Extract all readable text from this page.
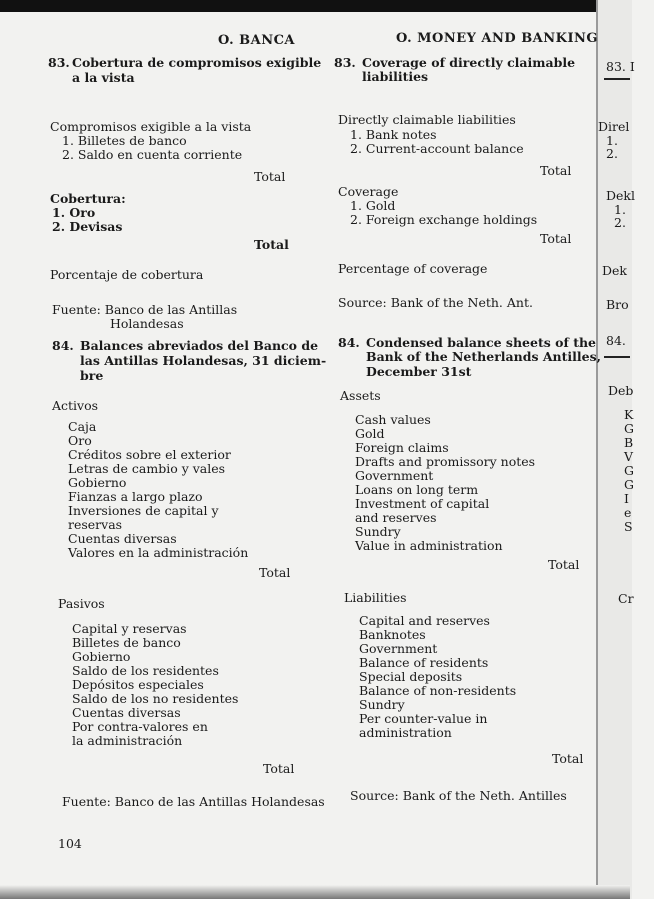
O. BANCA
83. Cobertura de compromisos exigible
a la vista
Compromisos exigible a la vista
1. Billetes de banco
2. Saldo en cuenta corriente
Total
Cobertura:
1. Oro
2. Devisas
Total
Porcentaje de cobertura
Fuente: Banco de las Antillas
Holandesas
84. Balances abreviados del Banco de
las Antillas Holandesas, 31 diciem-
bre
Activos
Caja
Oro
Créditos sobre el exterior
Letras de cambio y vales
Gobierno
Fianzas a largo plazo
Inversiones de capital y
reservas
Cuentas diversas
Valores en la administración
Total
Pasivos
Capital y reservas
Billetes de banco
Gobierno
Saldo de los residentes
Depósitos especiales
Saldo de los no residentes
Cuentas diversas
Por contra-valores en
la administración
Total
Fuente: Banco de las Antillas Holandesas
104
O. MONEY AND BANKING
83. Coverage of directly claimable
liabilities
Directly claimable liabilities
1. Bank notes
2. Current-account balance
Total
Coverage
1. Gold
2. Foreign exchange holdings
Total
Percentage of coverage
Source: Bank of the Neth. Ant.
84. Condensed balance sheets of the
Bank of the Netherlands Antilles,
December 31st
Assets
Cash values
Gold
Foreign claims
Drafts and promissory notes
Government
Loans on long term
Investment of capital
and reserves
Sundry
Value in administration
Total
Liabilities
Capital and reserves
Banknotes
Government
Balance of residents
Special deposits
Balance of non-residents
Sundry
Per counter-value in
administration
Total
Source: Bank of the Neth. Antilles
83. I
Direl
1.
2.
Dekl
1.
2.
Dek
Bro
84.
Deb
K
G
B
V
G
G
I
e
S
Cr
